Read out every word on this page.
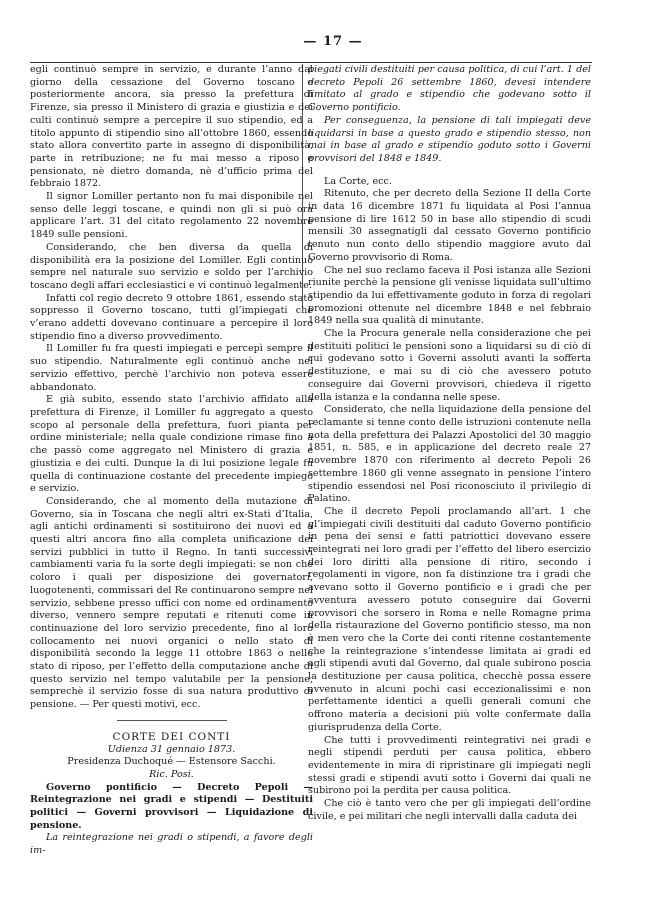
— 17 —

egli continuò sempre in servizio, e durante l’anno dal giorno della cessazione del Governo toscano e posteriormente ancora, sia presso la prefettura di Firenze, sia presso il Ministero di grazia e giustizia e dei culti continuò sempre a percepire il suo stipendio, ed a titolo appunto di stipendio sino all’ottobre 1860, essendo stato allora convertito parte in assegno di disponibilità, parte in retribuzione; ne fu mai messo a riposo e pensionato, nè dietro domanda, nè d’ufficio prima del febbraio 1872.

Il signor Lomiller pertanto non fu mai disponibile nel senso delle leggi toscane, e quindi non gli si può ora applicare l’art. 31 del citato regolamento 22 novembre 1849 sulle pensioni.

Considerando, che ben diversa da quella di disponibilità era la posizione del Lomiller. Egli continuò sempre nel naturale suo servizio e soldo per l’archivio toscano degli affari ecclesiastici e vi continuò legalmente.

Infatti col regio decreto 9 ottobre 1861, essendo stato soppresso il Governo toscano, tutti gl’impiegati che v’erano addetti dovevano continuare a percepire il loro stipendio fino a diverso provvedimento.

Il Lomiller fu fra questi impiegati e percepì sempre il suo stipendio. Naturalmente egli continuò anche nel servizio effettivo, perchè l’archivio non poteva essere abbandonato.

E già subito, essendo stato l’archivio affidato alla prefettura di Firenze, il Lomiller fu aggregato a questo scopo al personale della prefettura, fuori pianta per ordine ministeriale; nella quale condizione rimase fino a che passò come aggregato nel Ministero di grazia e giustizia e dei culti. Dunque la di lui posizione legale fu quella di continuazione costante del precedente impiego e servizio.

Considerando, che al momento della mutazione di Governo, sia in Toscana che negli altri ex-Stati d’Italia, agli antichi ordinamenti si sostituirono dei nuovi ed a questi altri ancora fino alla completa unificazione dei servizi pubblici in tutto il Regno. In tanti successivi cambiamenti varia fu la sorte degli impiegati: se non che coloro i quali per disposizione dei governatori, luogotenenti, commissari del Re continuarono sempre nel servizio, sebbene presso uffici con nome ed ordinamento diverso, vennero sempre reputati e ritenuti come in continuazione del loro servizio precedente, fino al loro collocamento nei nuovi organici o nello stato di disponibilità secondo la legge 11 ottobre 1863 o nello stato di riposo, per l’effetto della computazione anche di questo servizio nel tempo valutabile per la pensione, semprechè il servizio fosse di sua natura produttivo di pensione. — Per questi motivi, ecc.

CORTE DEI CONTI

Udienza 31 gennaio 1873.

Presidenza Duchoqué — Estensore Sacchi.

Ric. Posi.

Governo pontificio — Decreto Pepoli — Reintegrazione nei gradi e stipendi — Destituiti politici — Governi provvisori — Liquidazione di pensione.

La reintegrazione nei gradi o stipendi, a favore degli im-

piegati civili destituiti per causa politica, di cui l’art. 1 del decreto Pepoli 26 settembre 1860, devesi intendere limitato al grado e stipendio che godevano sotto il Governo pontificio.

Per conseguenza, la pensione di tali impiegati deve liquidarsi in base a questo grado e stipendio stesso, non mai in base al grado e stipendio goduto sotto i Governi provvisori del 1848 e 1849.

La Corte, ecc.

Ritenuto, che per decreto della Sezione II della Corte in data 16 dicembre 1871 fu liquidata al Posi l’annua pensione di lire 1612 50 in base allo stipendio di scudi mensili 30 assegnatigli dal cessato Governo pontificio tenuto nun conto dello stipendio maggiore avuto dal Governo provvisorio di Roma.

Che nel suo reclamo faceva il Posi istanza alle Sezioni riunite perchè la pensione gli venisse liquidata sull’ultimo stipendio da lui effettivamente goduto in forza di regolari promozioni ottenute nel dicembre 1848 e nel febbraio 1849 nella sua qualità di minutante.

Che la Procura generale nella considerazione che pei destituiti politici le pensioni sono a liquidarsi su di ciò di cui godevano sotto i Governi assoluti avanti la sofferta destituzione, e mai su di ciò che avessero potuto conseguire dai Governi provvisori, chiedeva il rigetto della istanza e la condanna nelle spese.

Considerato, che nella liquidazione della pensione del reclamante si tenne conto delle istruzioni contenute nella nota della prefettura dei Palazzi Apostolici del 30 maggio 1851, n. 585, e in applicazione del decreto reale 27 novembre 1870 con riferimento al decreto Pepoli 26 settembre 1860 gli venne assegnato in pensione l’intero stipendio essendosi nel Posi riconosciuto il privilegio di Palatino.

Che il decreto Pepoli proclamando all’art. 1 che gl’impiegati civili destituiti dal caduto Governo pontificio in pena dei sensi e fatti patriottici dovevano essere reintegrati nei loro gradi per l’effetto del libero esercizio dei loro diritti alla pensione di ritiro, secondo i regolamenti in vigore, non fa distinzione tra i gradi che avevano sotto il Governo pontificio e i gradi che per avventura avessero potuto conseguire dai Governi provvisori che sorsero in Roma e nelle Romagne prima della ristaurazione del Governo pontificio stesso, ma non è men vero che la Corte dei conti ritenne costantemente che la reintegrazione s’intendesse limitata ai gradi ed agli stipendi avuti dal Governo, dal quale subirono poscia la destituzione per causa politica, checchè possa essere avvenuto in alcuni pochi casi eccezionalissimi e non perfettamente identici a quelli generali comuni che offrono materia a decisioni più volte confermate dalla giurisprudenza della Corte.

Che tutti i provvedimenti reintegrativi nei gradi e negli stipendi perduti per causa politica, ebbero evidentemente in mira di ripristinare gli impiegati negli stessi gradi e stipendi avuti sotto i Governi dai quali ne subirono poi la perdita per causa politica.

Che ciò è tanto vero che per gli impiegati dell’ordine civile, e pei militari che negli intervalli dalla caduta dei
